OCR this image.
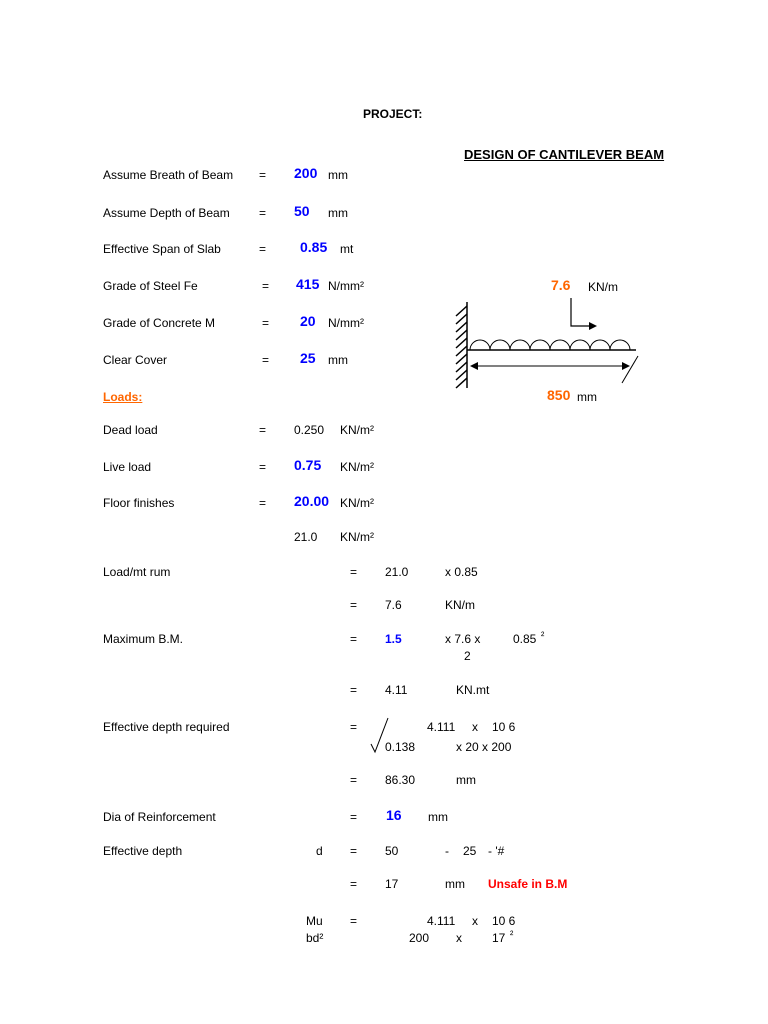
PROJECT:
DESIGN OF CANTILEVER BEAM
Assume Breath of Beam = 200 mm
Assume Depth of Beam = 50 mm
Effective Span of Slab	= 0.85 mt
Grade of Steel Fe	= 415 N/mm²
Grade of Concrete M	= 20 N/mm²
Clear Cover	= 25 mm
7.6 KN/m
850 mm
Loads:
Dead load	= 0.250 KN/m²
Live load	= 0.75 KN/m²
Floor finishes	= 20.00 KN/m²
21.0 KN/m²
Load/mt rum	= 21.0	x 0.85
= 7.6	KN/m
Maximum B.M.	= 1.5	x 7.6 x	0.85 ²
2
= 4.11	KN.mt
Effective depth required	=	4.111 x 10 6
0.138	x 20 x 200
= 86.30	mm
Dia of Reinforcement	= 16 mm
Effective depth	d = 50	- 25 - '#
= 17	mm Unsafe in B.M
Mu
bd²
=	4.111 x 10 6
200 x	17 ²
